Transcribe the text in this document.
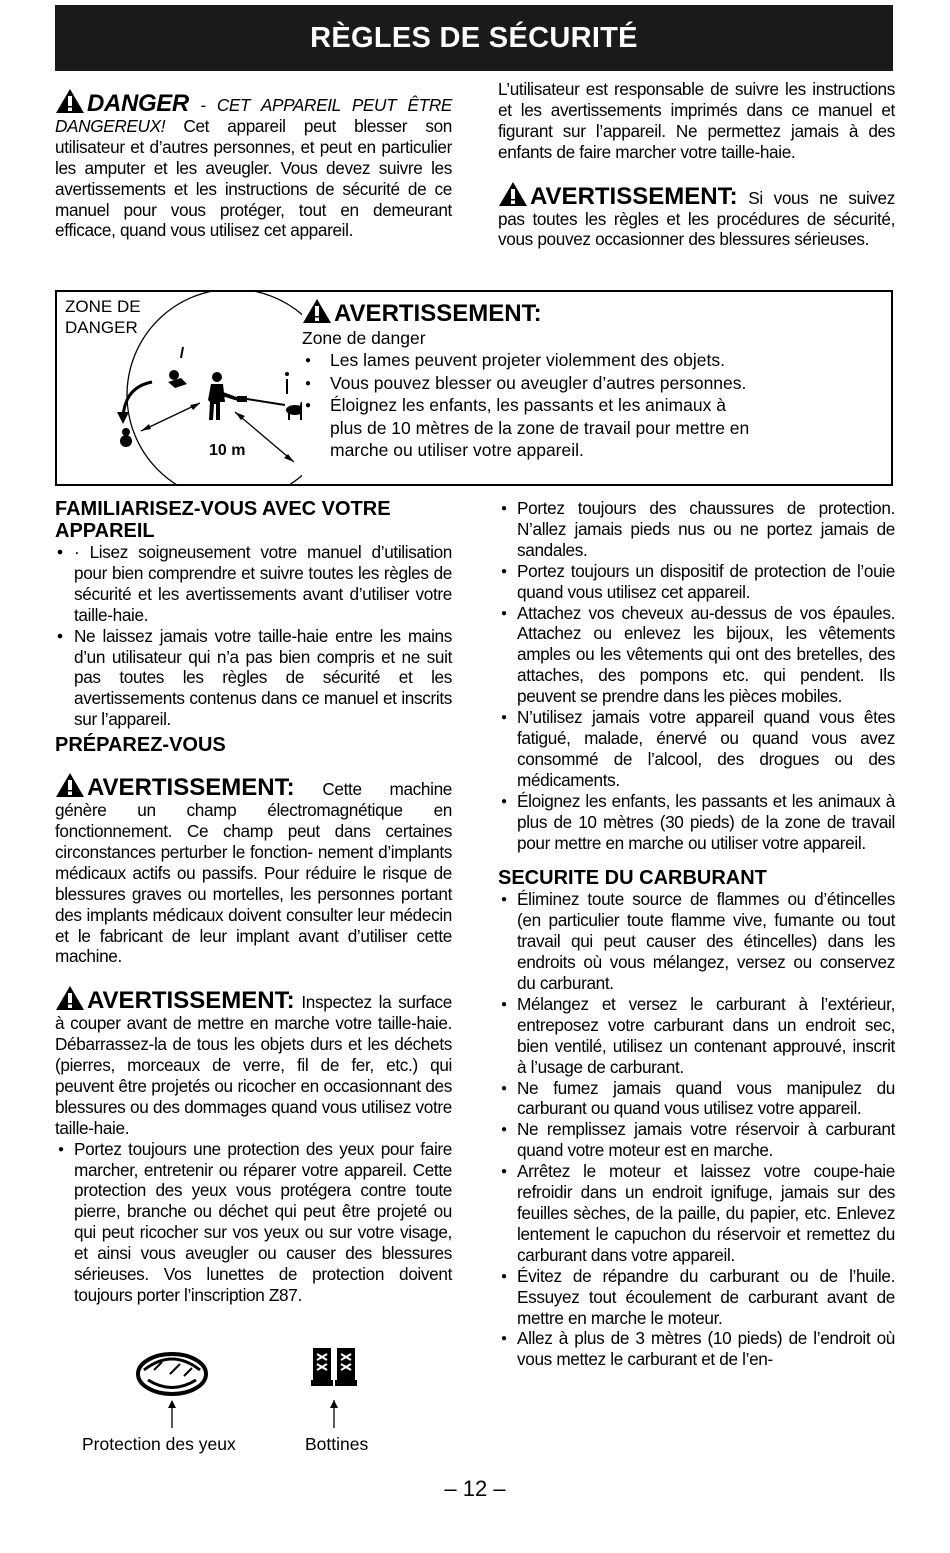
RÈGLES DE SÉCURITÉ

DANGER - CET APPAREIL PEUT ÊTRE DANGEREUX! Cet appareil peut blesser son utilisateur et d’autres personnes, et peut en particulier les amputer et les aveugler. Vous devez suivre les avertissements et les instructions de sécurité de ce manuel pour vous protéger, tout en demeurant efficace, quand vous utilisez cet appareil.

L’utilisateur est responsable de suivre les instructions et les avertissements imprimés dans ce manuel et figurant sur l’appareil. Ne permettez jamais à des enfants de faire marcher votre taille-haie.

AVERTISSEMENT: Si vous ne suivez pas toutes les règles et les procédures de sécurité, vous pouvez occasionner des blessures sérieuses.

ZONE DE
DANGER
10 m
AVERTISSEMENT:
Zone de danger
● Les lames peuvent projeter violemment des objets.
● Vous pouvez blesser ou aveugler d’autres personnes.
● Éloignez les enfants, les passants et les animaux à plus de 10 mètres de la zone de travail pour mettre en marche ou utiliser votre appareil.
FAMILIARISEZ-VOUS AVEC VOTRE APPAREIL
• · Lisez soigneusement votre manuel d’utilisation pour bien comprendre et suivre toutes les règles de sécurité et les avertissements avant d’utiliser votre taille-haie.
• Ne laissez jamais votre taille-haie entre les mains d’un utilisateur qui n’a pas bien compris et ne suit pas toutes les règles de sécurité et les avertissements contenus dans ce manuel et inscrits sur l’appareil.
PRÉPAREZ-VOUS

AVERTISSEMENT: Cette machine génère un champ électromagnétique en fonctionnement. Ce champ peut dans certaines circonstances perturber le fonction- nement d’implants médicaux actifs ou passifs. Pour réduire le risque de blessures graves ou mortelles, les personnes portant des implants médicaux doivent consulter leur médecin et le fabricant de leur implant avant d’utiliser cette machine.

AVERTISSEMENT: Inspectez la surface à couper avant de mettre en marche votre taille-haie. Débarrassez-la de tous les objets durs et les déchets (pierres, morceaux de verre, fil de fer, etc.) qui peuvent être projetés ou ricocher en occasionnant des blessures ou des dommages quand vous utilisez votre taille-haie.

● Portez toujours une protection des yeux pour faire marcher, entretenir ou réparer votre appareil. Cette protection des yeux vous protégera contre toute pierre, branche ou déchet qui peut être projeté ou qui peut ricocher sur vos yeux ou sur votre visage, et ainsi vous aveugler ou causer des blessures sérieuses. Vos lunettes de protection doivent toujours porter l’inscription Z87.
Protection des yeux	Bottines
● Portez toujours des chaussures de protection. N’allez jamais pieds nus ou ne portez jamais de sandales.
● Portez toujours un dispositif de protection de l’ouie quand vous utilisez cet appareil.
● Attachez vos cheveux au-dessus de vos épaules. Attachez ou enlevez les bijoux, les vêtements amples ou les vêtements qui ont des bretelles, des attaches, des pompons etc. qui pendent. Ils peuvent se prendre dans les pièces mobiles.
● N’utilisez jamais votre appareil quand vous êtes fatigué, malade, énervé ou quand vous avez consommé de l’alcool, des drogues ou des médicaments.
● Éloignez les enfants, les passants et les animaux à plus de 10 mètres (30 pieds) de la zone de travail pour mettre en marche ou utiliser votre appareil.
SECURITE DU CARBURANT
● Éliminez toute source de flammes ou d’étincelles (en particulier toute flamme vive, fumante ou tout travail qui peut causer des étincelles) dans les endroits où vous mélangez, versez ou conservez du carburant.
● Mélangez et versez le carburant à l’extérieur, entreposez votre carburant dans un endroit sec, bien ventilé, utilisez un contenant approuvé, inscrit à l’usage de carburant.
● Ne fumez jamais quand vous manipulez du carburant ou quand vous utilisez votre appareil.
● Ne remplissez jamais votre réservoir à carburant quand votre moteur est en marche.
● Arrêtez le moteur et laissez votre coupe-haie refroidir dans un endroit ignifuge, jamais sur des feuilles sèches, de la paille, du papier, etc. Enlevez lentement le capuchon du réservoir et remettez du carburant dans votre appareil.
● Évitez de répandre du carburant ou de l’huile. Essuyez tout écoulement de carburant avant de mettre en marche le moteur.
● Allez à plus de 3 mètres (10 pieds) de l’endroit où vous mettez le carburant et de l’en-
– 12 –
